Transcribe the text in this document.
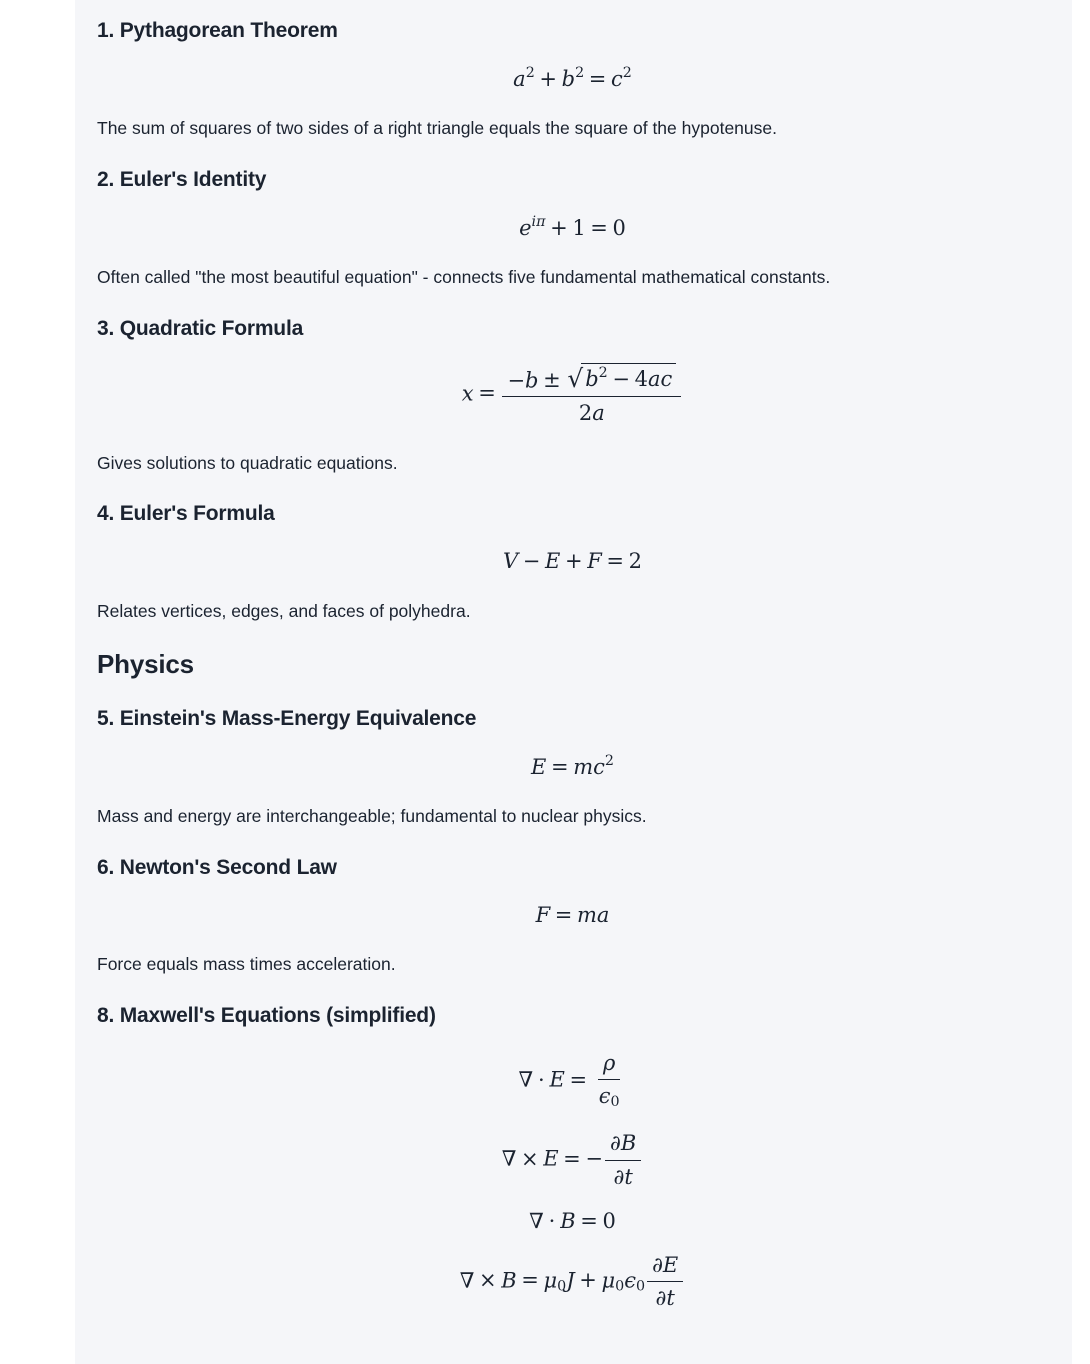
1. Pythagorean Theorem
$a^2 + b^2 = c^2$

The sum of squares of two sides of a right triangle equals the square of the hypotenuse.

2. Euler's Identity
$e^{i\pi} + 1 = 0$

Often called "the most beautiful equation" - connects five fundamental mathematical constants.

3. Quadratic Formula
$x = \frac{-b \pm √ b^2 - 4ac}{2a}$

Gives solutions to quadratic equations.

4. Euler's Formula
V − E + F = 2

Relates vertices, edges, and faces of polyhedra.

Physics
5. Einstein's Mass-Energy Equivalence
$E = mc^2$

Mass and energy are interchangeable; fundamental to nuclear physics.

6. Newton's Second Law
F = ma

Force equals mass times acceleration.

8. Maxwell's Equations (simplified)
∇ ⋅ $E = \frac{\rho}{\epsilon 0}$
∇ × E = − $\frac{\partial B}{\partial t}$
∇ ⋅ B = 0
∇ × $B = \mu 0J + \mu 0\epsilon 0 \frac{\partial E}{\partial t}$
